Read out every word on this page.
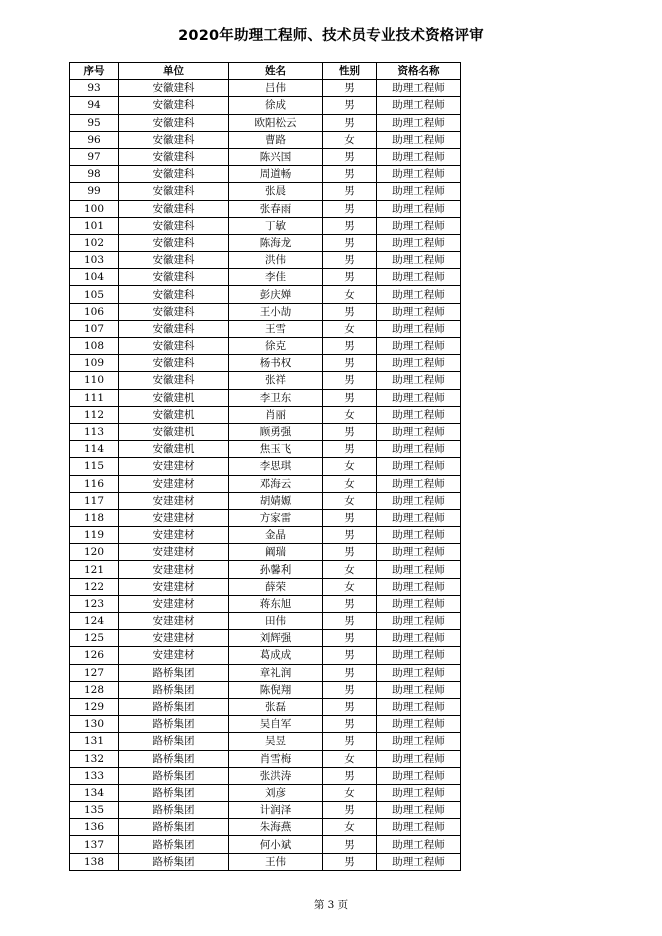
2020年助理工程师、技术员专业技术资格评审
序号	单位	姓名	性别	资格名称
93	安徽建科	吕伟	男	助理工程师
94	安徽建科	徐成	男	助理工程师
95	安徽建科	欧阳松云	男	助理工程师
96	安徽建科	曹路	女	助理工程师
97	安徽建科	陈兴国	男	助理工程师
98	安徽建科	周道畅	男	助理工程师
99	安徽建科	张晨	男	助理工程师
100	安徽建科	张春雨	男	助理工程师
101	安徽建科	丁敏	男	助理工程师
102	安徽建科	陈海龙	男	助理工程师
103	安徽建科	洪伟	男	助理工程师
104	安徽建科	李佳	男	助理工程师
105	安徽建科	彭庆婵	女	助理工程师
106	安徽建科	王小劼	男	助理工程师
107	安徽建科	王雪	女	助理工程师
108	安徽建科	徐克	男	助理工程师
109	安徽建科	杨书权	男	助理工程师
110	安徽建科	张祥	男	助理工程师
111	安徽建机	李卫东	男	助理工程师
112	安徽建机	肖丽	女	助理工程师
113	安徽建机	顾勇强	男	助理工程师
114	安徽建机	焦玉飞	男	助理工程师
115	安建建材	李思琪	女	助理工程师
116	安建建材	邓海云	女	助理工程师
117	安建建材	胡婧嫄	女	助理工程师
118	安建建材	方家雷	男	助理工程师
119	安建建材	金晶	男	助理工程师
120	安建建材	阚瑞	男	助理工程师
121	安建建材	孙馨利	女	助理工程师
122	安建建材	薛荣	女	助理工程师
123	安建建材	蒋东旭	男	助理工程师
124	安建建材	田伟	男	助理工程师
125	安建建材	刘辉强	男	助理工程师
126	安建建材	葛成成	男	助理工程师
127	路桥集团	章礼润	男	助理工程师
128	路桥集团	陈倪翔	男	助理工程师
129	路桥集团	张磊	男	助理工程师
130	路桥集团	吴自军	男	助理工程师
131	路桥集团	吴昱	男	助理工程师
132	路桥集团	肖雪梅	女	助理工程师
133	路桥集团	张洪涛	男	助理工程师
134	路桥集团	刘彦	女	助理工程师
135	路桥集团	计润泽	男	助理工程师
136	路桥集团	朱海燕	女	助理工程师
137	路桥集团	何小斌	男	助理工程师
138	路桥集团	王伟	男	助理工程师
第 3 页
